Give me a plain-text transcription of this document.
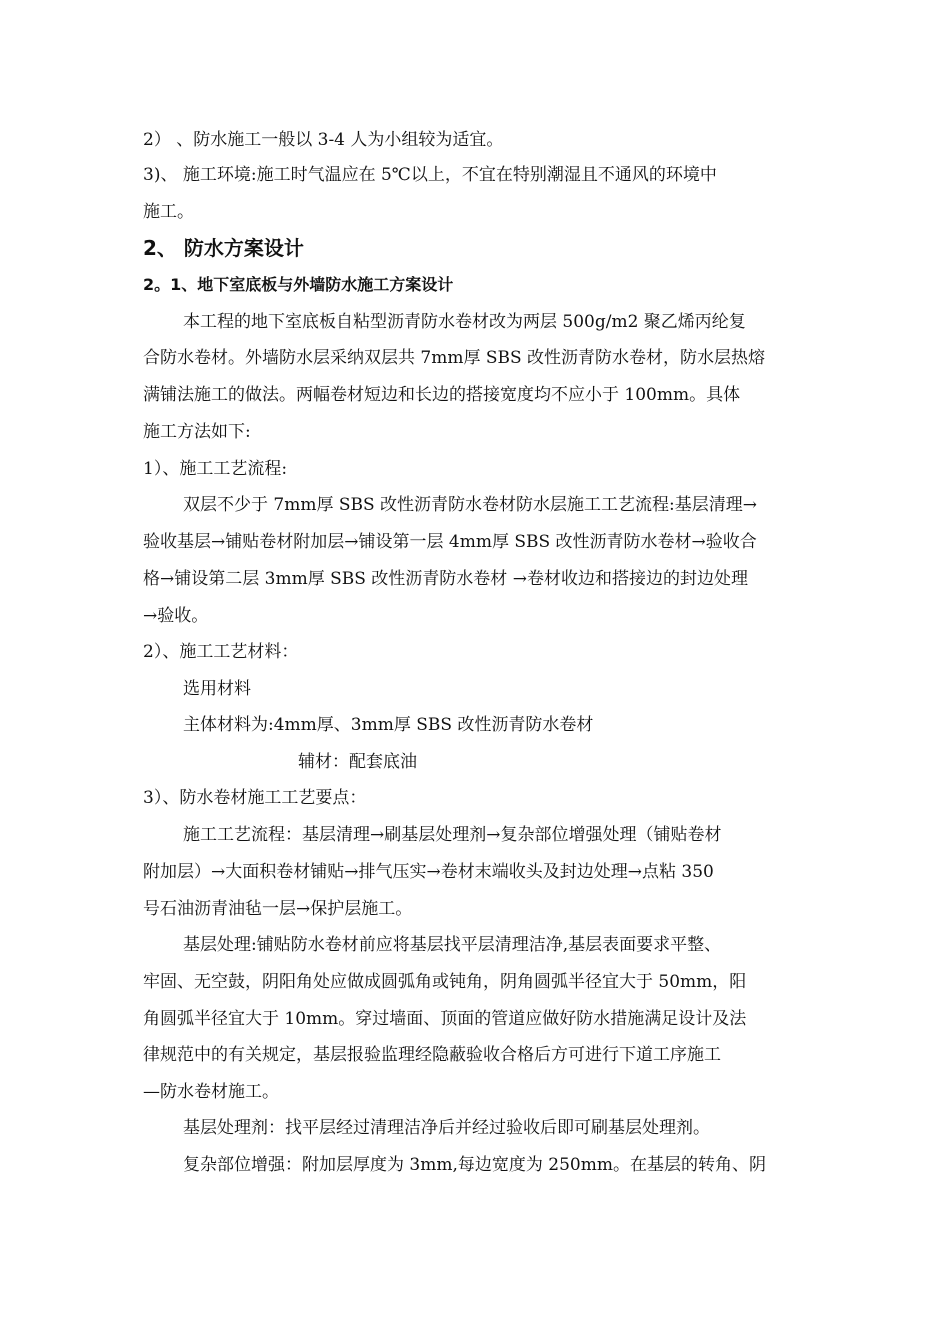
2） 、防水施工一般以 3-4 人为小组较为适宜。
3)、 施工环境:施工时气温应在 5℃以上，不宜在特别潮湿且不通风的环境中
施工。
2、 防水方案设计
2。1、地下室底板与外墙防水施工方案设计
本工程的地下室底板自粘型沥青防水卷材改为两层 500g/m2 聚乙烯丙纶复
合防水卷材。外墙防水层采纳双层共 7mm厚 SBS 改性沥青防水卷材，防水层热熔
满铺法施工的做法。两幅卷材短边和长边的搭接宽度均不应小于 100mm。具体
施工方法如下:
1）、施工工艺流程:
双层不少于 7mm厚 SBS 改性沥青防水卷材防水层施工工艺流程:基层清理→
验收基层→铺贴卷材附加层→铺设第一层 4mm厚 SBS 改性沥青防水卷材→验收合
格→铺设第二层 3mm厚 SBS 改性沥青防水卷材 →卷材收边和搭接边的封边处理
→验收。
2）、施工工艺材料：
选用材料
主体材料为:4mm厚、3mm厚 SBS 改性沥青防水卷材
辅材：配套底油
3）、防水卷材施工工艺要点：
施工工艺流程：基层清理→刷基层处理剂→复杂部位增强处理（铺贴卷材
附加层）→大面积卷材铺贴→排气压实→卷材末端收头及封边处理→点粘 350
号石油沥青油毡一层→保护层施工。
基层处理:铺贴防水卷材前应将基层找平层清理洁净,基层表面要求平整、
牢固、无空鼓，阴阳角处应做成圆弧角或钝角，阴角圆弧半径宜大于 50mm，阳
角圆弧半径宜大于 10mm。穿过墙面、顶面的管道应做好防水措施满足设计及法
律规范中的有关规定，基层报验监理经隐蔽验收合格后方可进行下道工序施工
—防水卷材施工。
基层处理剂：找平层经过清理洁净后并经过验收后即可刷基层处理剂。
复杂部位增强：附加层厚度为 3mm,每边宽度为 250mm。在基层的转角、阴
